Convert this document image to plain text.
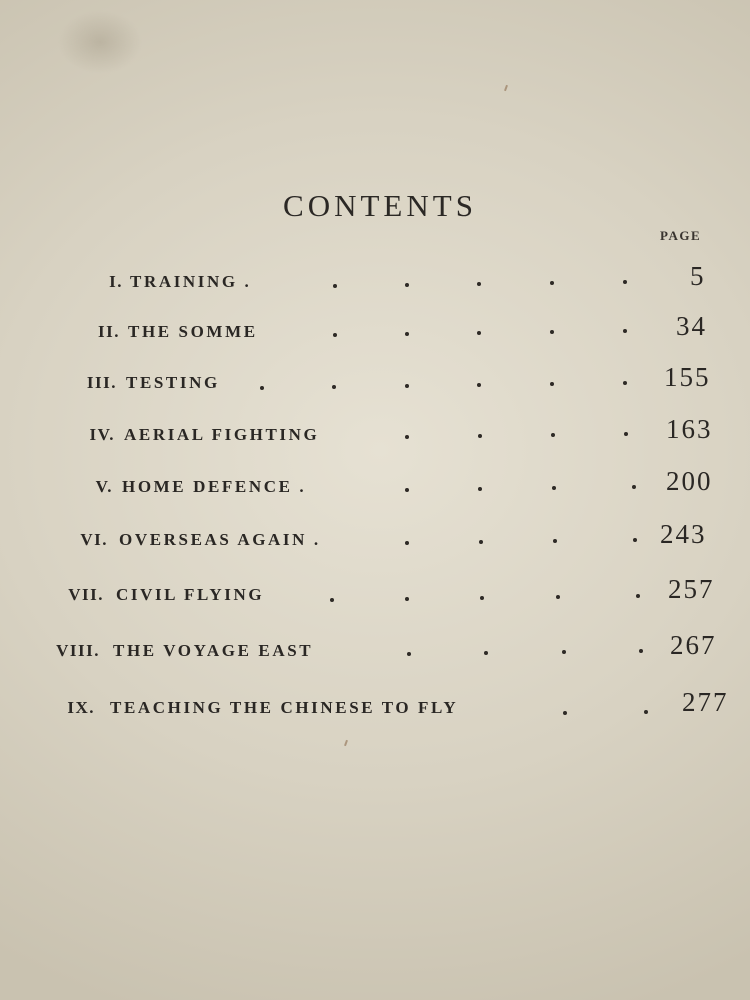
CONTENTS
PAGE
I. TRAINING .	5
II. THE SOMME	34
III. TESTING	155
IV. AERIAL FIGHTING	163
V. HOME DEFENCE .	200
VI. OVERSEAS AGAIN .	243
VII. CIVIL FLYING	257
VIII. THE VOYAGE EAST	267
IX. TEACHING THE CHINESE TO FLY	277
